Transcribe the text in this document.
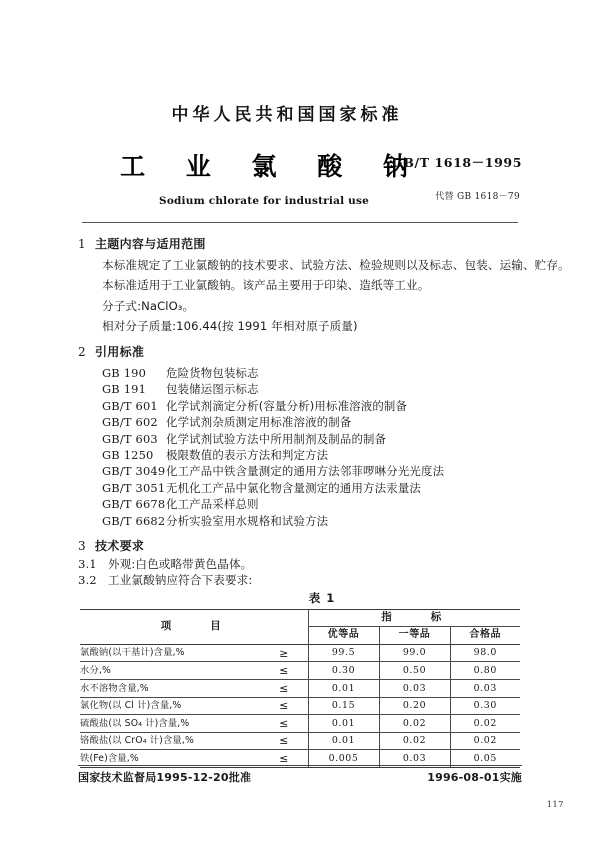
中华人民共和国国家标准
工 业 氯 酸 钠
Sodium chlorate for industrial use
GB/T 1618－1995
代替 GB 1618－79
1 主题内容与适用范围

本标准规定了工业氯酸钠的技术要求、试验方法、检验规则以及标志、包装、运输、贮存。

本标准适用于工业氯酸钠。该产品主要用于印染、造纸等工业。

分子式:NaClO₃。

相对分子质量:106.44(按 1991 年相对原子质量)

2 引用标准
GB 190 危险货物包装标志
GB 191 包装储运图示标志
GB/T 601 化学试剂滴定分析(容量分析)用标准溶液的制备
GB/T 602 化学试剂杂质测定用标准溶液的制备
GB/T 603 化学试剂试验方法中所用制剂及制品的制备
GB 1250 极限数值的表示方法和判定方法
GB/T 3049化工产品中铁含量测定的通用方法邻菲啰啉分光光度法
GB/T 3051无机化工产品中氯化物含量测定的通用方法汞量法
GB/T 6678化工产品采样总则
GB/T 6682分析实验室用水规格和试验方法
3 技术要求

3.1 外观:白色或略带黄色晶体。

3.2 工业氯酸钠应符合下表要求:

表 1
项　　目		指　　标		
		优等品	一等品	合格品
氯酸钠(以干基计)含量,%	≥	99.5	99.0	98.0
水分,%	≤	0.30	0.50	0.80
水不溶物含量,%	≤	0.01	0.03	0.03
氯化物(以 Cl 计)含量,%	≤	0.15	0.20	0.30
硫酸盐(以 SO₄ 计)含量,%	≤	0.01	0.02	0.02
铬酸盐(以 CrO₄ 计)含量,%	≤	0.01	0.02	0.02
铁(Fe)含量,%	≤	0.005	0.03	0.05
国家技术监督局1995-12-20批准	1996-08-01实施
117
